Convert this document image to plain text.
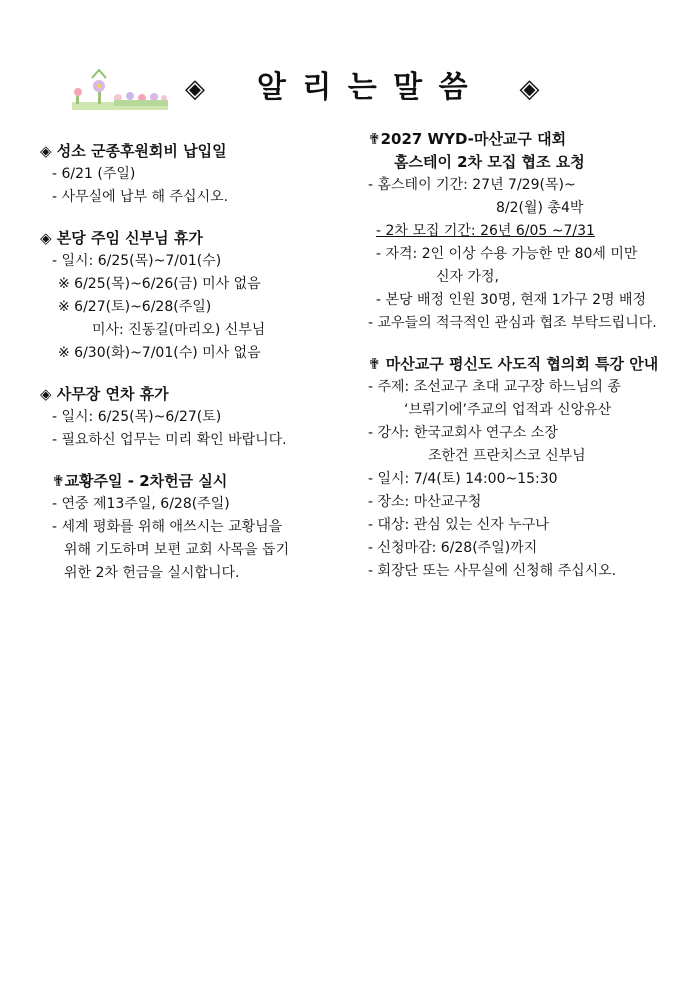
◈ 알 리 는 말 씀 ◈
◈ 성소 군종후원회비 납입일
- 6/21 (주일)
- 사무실에 납부 해 주십시오.
◈ 본당 주임 신부님 휴가
- 일시: 6/25(목)~7/01(수)
※ 6/25(목)~6/26(금) 미사 없음
※ 6/27(토)~6/28(주일)
미사: 진동길(마리오) 신부님
※ 6/30(화)~7/01(수) 미사 없음
◈ 사무장 연차 휴가
- 일시: 6/25(목)~6/27(토)
- 필요하신 업무는 미리 확인 바랍니다.
✟교황주일 - 2차헌금 실시
- 연중 제13주일, 6/28(주일)
- 세계 평화를 위해 애쓰시는 교황님을
위해 기도하며 보편 교회 사목을 돕기
위한 2차 헌금을 실시합니다.
✟2027 WYD-마산교구 대회
홈스테이 2차 모집 협조 요청
- 홈스테이 기간: 27년 7/29(목)~
8/2(월) 총4박
- 2차 모집 기간: 26년 6/05 ~7/31
- 자격: 2인 이상 수용 가능한 만 80세 미만
신자 가정,
- 본당 배정 인원 30명, 현재 1가구 2명 배정
- 교우들의 적극적인 관심과 협조 부탁드립니다.
✟ 마산교구 평신도 사도직 협의회 특강 안내
- 주제: 조선교구 초대 교구장 하느님의 종
‘브뤼기에’주교의 업적과 신앙유산
- 강사: 한국교회사 연구소 소장
조한건 프란치스코 신부님
- 일시: 7/4(토) 14:00~15:30
- 장소: 마산교구청
- 대상: 관심 있는 신자 누구나
- 신청마감: 6/28(주일)까지
- 회장단 또는 사무실에 신청해 주십시오.
